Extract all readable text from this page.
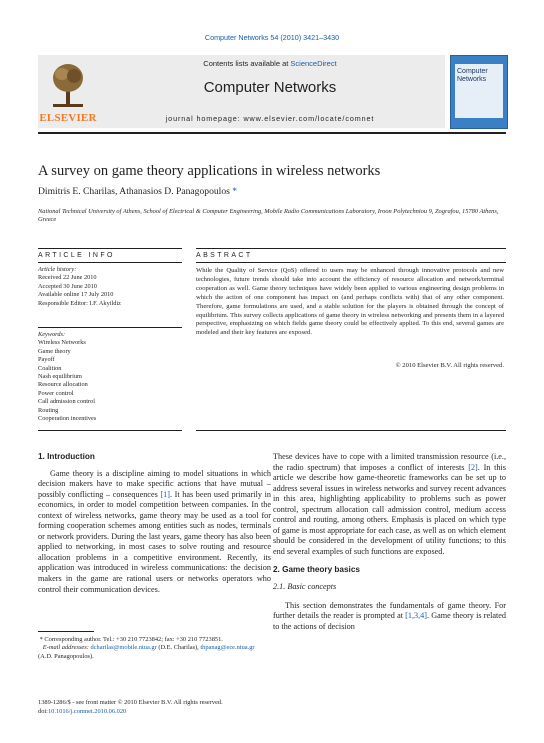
Computer Networks 54 (2010) 3421–3430
ELSEVIER
Contents lists available at ScienceDirect
Computer Networks
journal homepage: www.elsevier.com/locate/comnet
Computer
Networks
A survey on game theory applications in wireless networks
Dimitris E. Charilas, Athanasios D. Panagopoulos *
National Technical University of Athens, School of Electrical & Computer Engineering, Mobile Radio Communications Laboratory, Iroon Polytechniou 9, Zografou, 15780 Athens, Greece
ARTICLE INFO	ABSTRACT
Article history:
Received 22 June 2010
Accepted 30 June 2010
Available online 17 July 2010
Responsible Editor: I.F. Akyildiz
Keywords:
Wireless Networks
Game theory
Payoff
Coalition
Nash equilibrium
Resource allocation
Power control
Call admission control
Routing
Cooperation incentives
While the Quality of Service (QoS) offered to users may be enhanced through innovative protocols and new technologies, future trends should take into account the efficiency of resource allocation and network/terminal cooperation as well. Game theory techniques have widely been applied to various engineering design problems in which the action of one component has impact on (and perhaps conflicts with) that of any other component. Therefore, game formulations are used, and a stable solution for the players is obtained through the concept of equilibrium. This survey collects applications of game theory in wireless networking and presents them in a layered perspective, emphasizing on which fields game theory could be effectively applied. To this end, several games are modeled and their key features are exposed.
© 2010 Elsevier B.V. All rights reserved.

1. Introduction

Game theory is a discipline aiming to model situations in which decision makers have to make specific actions that have mutual – possibly conflicting – consequences [1]. It has been used primarily in economics, in order to model competition between companies. In the context of wireless networks, game theory may be used as a tool for forming cooperation schemes among entities such as nodes, terminals or network providers. During the last years, game theory has also been applied to networking, in most cases to solve routing and resource allocation problems in a competitive environment. Recently, its application was introduced in wireless communications: the decision makers in the game are rational users or networks operators who control their communication devices.

These devices have to cope with a limited transmission resource (i.e., the radio spectrum) that imposes a conflict of interests [2]. In this article we describe how game-theoretic frameworks can be set up to address several issues in wireless networks and survey recent advances in this area, highlighting applicability to problems such as power control, spectrum allocation call admission control, medium access control and routing, among others. Emphasis is placed on which type of game is most appropriate for each case, as well as on which element should be considered in the development of utility functions; to this end several examples of such functions are exposed.

2. Game theory basics

2.1. Basic concepts

This section demonstrates the fundamentals of game theory. For further details the reader is prompted at [1,3,4]. Game theory is related to the actions of decision

* Corresponding author. Tel.: +30 210 7723842; fax: +30 210 7723851.
E-mail addresses: dcharilas@mobile.ntua.gr (D.E. Charilas), thpanag@ece.ntua.gr (A.D. Panagopoulos).
1389-1286/$ - see front matter © 2010 Elsevier B.V. All rights reserved.
doi:10.1016/j.comnet.2010.06.020
